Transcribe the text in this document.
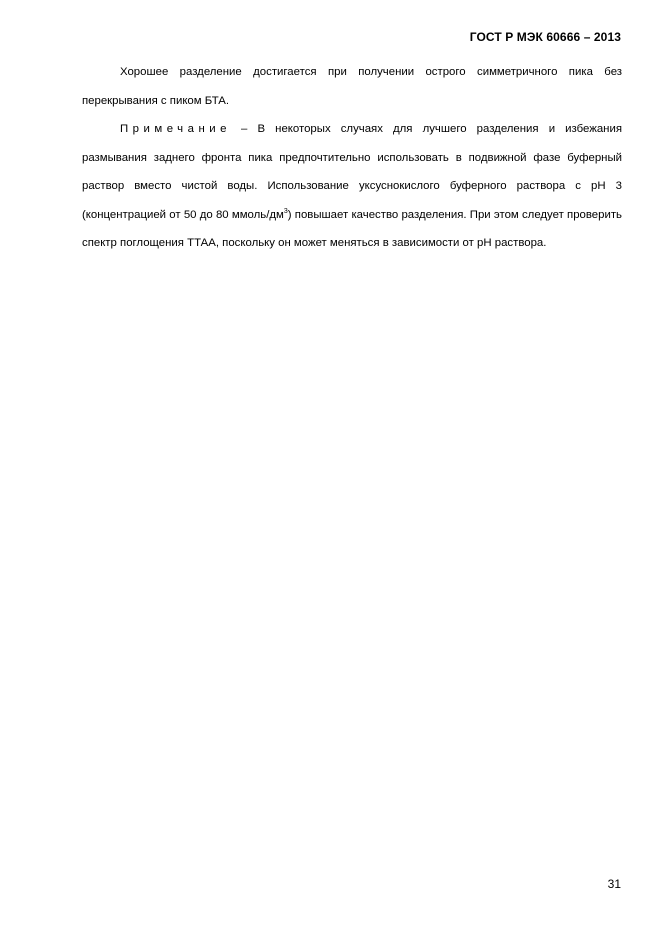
ГОСТ Р МЭК 60666 – 2013

Хорошее разделение достигается при получении острого симметричного пика без перекрывания с пиком БТА.

Примечание – В некоторых случаях для лучшего разделения и избежания размывания заднего фронта пика предпочтительно использовать в подвижной фазе буферный раствор вместо чистой воды. Использование уксуснокислого буферного раствора с рН 3 (концентрацией от 50 до 80 ммоль/$дм^3$) повышает качество разделения. При этом следует проверить спектр поглощения ТТАА, поскольку он может меняться в зависимости от рН раствора.

31
